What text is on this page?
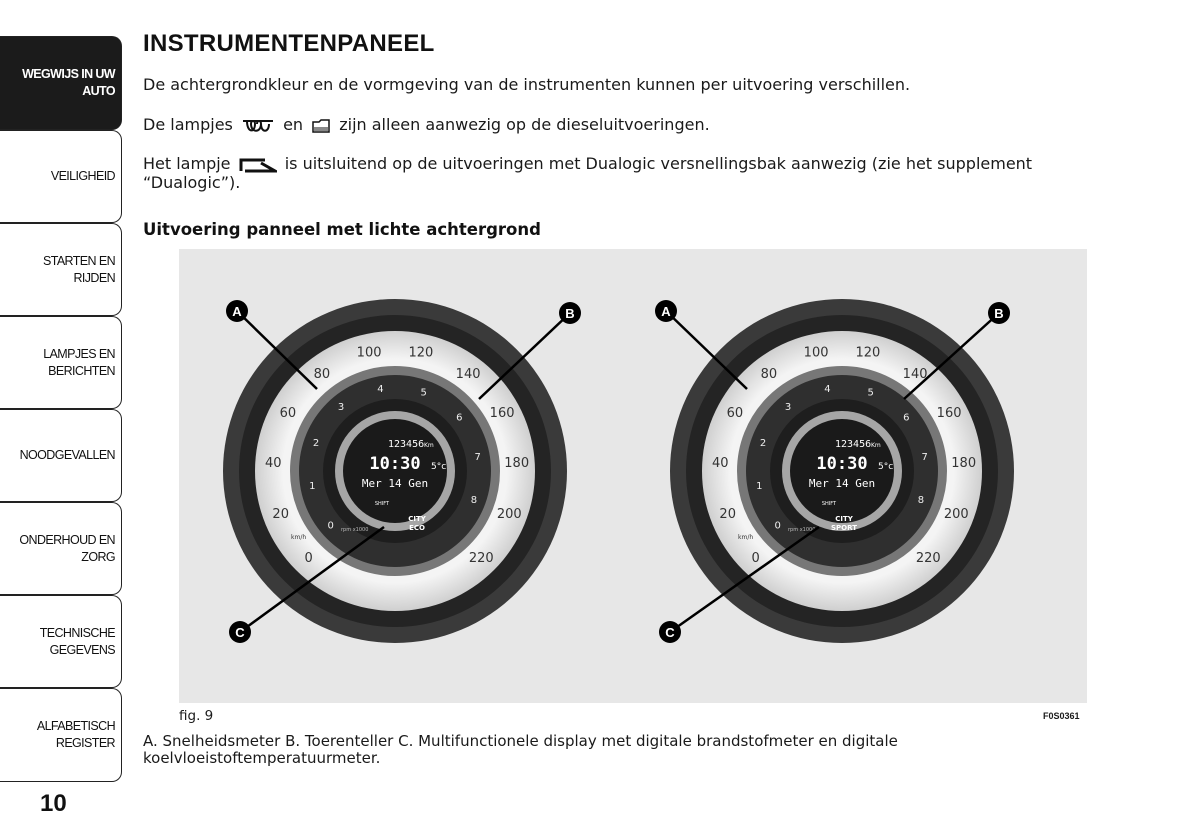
WEGWIJS IN UW
AUTO
VEILIGHEID
STARTEN EN RIJDEN
LAMPJES EN
BERICHTEN
NOODGEVALLEN
ONDERHOUD EN
ZORG
TECHNISCHE
GEGEVENS
ALFABETISCH
REGISTER
10
INSTRUMENTENPANEEL

De achtergrondkleur en de vormgeving van de instrumenten kunnen per uitvoering verschillen.

De lampjes	en zijn alleen aanwezig op de dieseluitvoeringen.

Het lampje	is uitsluitend op de uitvoeringen met Dualogic versnellingsbak aanwezig (zie het supplement “Dualogic”).

Uitvoering panneel met lichte achtergrond
0
20
40
60
80
100 120
140
160
180
200
220
0
1
2
3
4	5
6
7
8
123456 Km
10:30 5°c
Mer 14 Gen
SHIFT
CITY
ECO
km/h
rpm x1000
0
20
40
60
80
100 120
140
160
180
200
220
0
1
2
3
4	5
6
7
8
123456 Km
10:30 5°c
Mer 14 Gen
SHIFT
CITY
SPORT
km/h
rpm x1000
A	B
C
A	B
C
fig. 9	F0S0361

A. Snelheidsmeter B. Toerenteller C. Multifunctionele display met digitale brandstofmeter en digitale koelvloeistoftemperatuurmeter.
